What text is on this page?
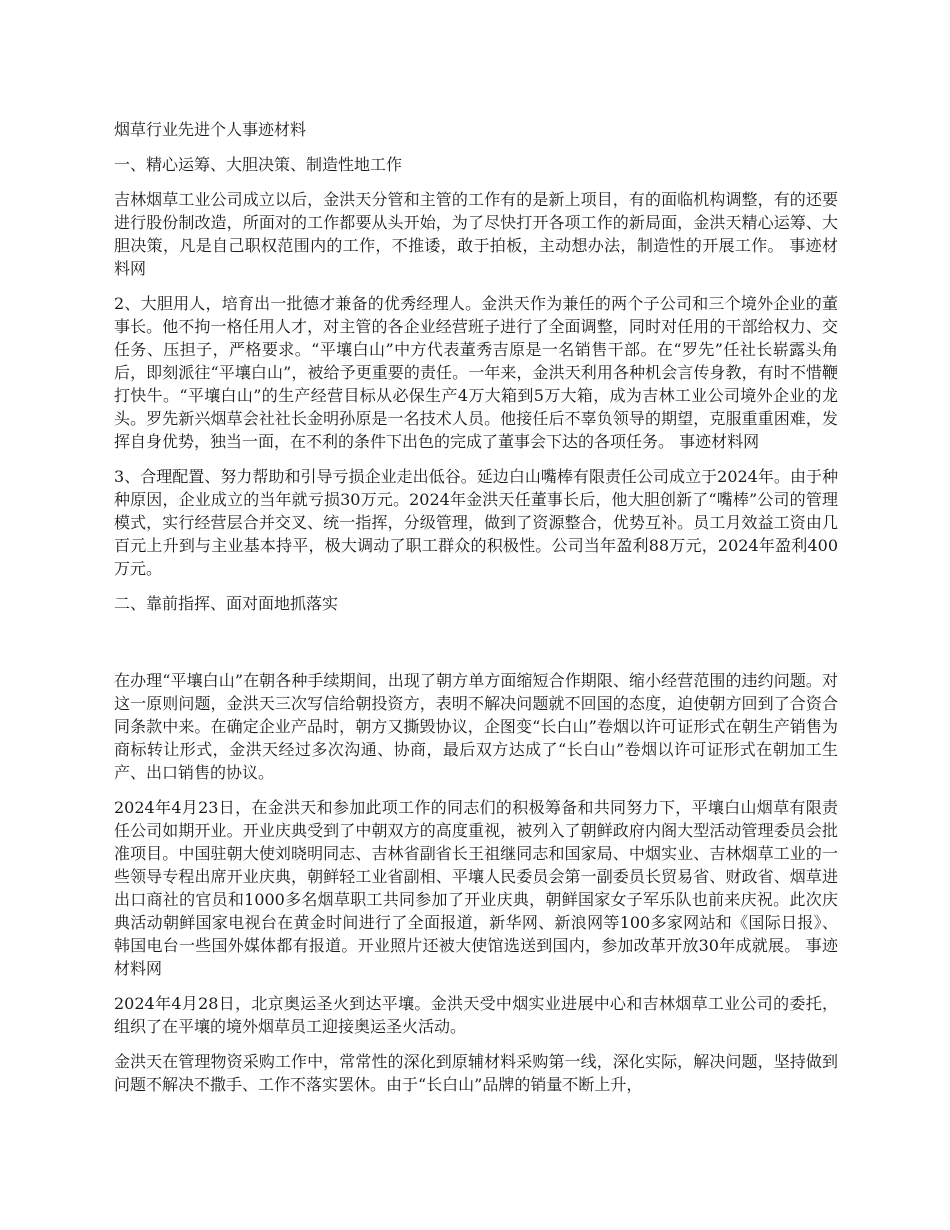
烟草行业先进个人事迹材料

一、精心运筹、大胆决策、制造性地工作

吉林烟草工业公司成立以后，金洪天分管和主管的工作有的是新上项目，有的面临机构调整，有的还要进行股份制改造，所面对的工作都要从头开始，为了尽快打开各项工作的新局面，金洪天精心运筹、大胆决策，凡是自己职权范围内的工作，不推诿，敢于拍板，主动想办法，制造性的开展工作。 事迹材料网

2、大胆用人，培育出一批德才兼备的优秀经理人。金洪天作为兼任的两个子公司和三个境外企业的董事长。他不拘一格任用人才，对主管的各企业经营班子进行了全面调整，同时对任用的干部给权力、交任务、压担子，严格要求。“平壤白山”中方代表董秀吉原是一名销售干部。在“罗先”任社长崭露头角后，即刻派往“平壤白山”，被给予更重要的责任。一年来，金洪天利用各种机会言传身教，有时不惜鞭打快牛。“平壤白山”的生产经营目标从必保生产4万大箱到5万大箱，成为吉林工业公司境外企业的龙头。罗先新兴烟草会社社长金明孙原是一名技术人员。他接任后不辜负领导的期望，克服重重困难，发挥自身优势，独当一面，在不利的条件下出色的完成了董事会下达的各项任务。 事迹材料网

3、合理配置、努力帮助和引导亏损企业走出低谷。延边白山嘴棒有限责任公司成立于2024年。由于种种原因，企业成立的当年就亏损30万元。2024年金洪天任董事长后，他大胆创新了“嘴棒”公司的管理模式，实行经营层合并交叉、统一指挥，分级管理，做到了资源整合，优势互补。员工月效益工资由几百元上升到与主业基本持平，极大调动了职工群众的积极性。公司当年盈利88万元，2024年盈利400万元。

二、靠前指挥、面对面地抓落实

在办理“平壤白山”在朝各种手续期间，出现了朝方单方面缩短合作期限、缩小经营范围的违约问题。对这一原则问题，金洪天三次写信给朝投资方，表明不解决问题就不回国的态度，迫使朝方回到了合资合同条款中来。在确定企业产品时，朝方又撕毁协议，企图变“长白山”卷烟以许可证形式在朝生产销售为商标转让形式，金洪天经过多次沟通、协商，最后双方达成了“长白山”卷烟以许可证形式在朝加工生产、出口销售的协议。

2024年4月23日，在金洪天和参加此项工作的同志们的积极筹备和共同努力下，平壤白山烟草有限责任公司如期开业。开业庆典受到了中朝双方的高度重视，被列入了朝鲜政府内阁大型活动管理委员会批准项目。中国驻朝大使刘晓明同志、吉林省副省长王祖继同志和国家局、中烟实业、吉林烟草工业的一些领导专程出席开业庆典，朝鲜轻工业省副相、平壤人民委员会第一副委员长贸易省、财政省、烟草进出口商社的官员和1000多名烟草职工共同参加了开业庆典，朝鲜国家女子军乐队也前来庆祝。此次庆典活动朝鲜国家电视台在黄金时间进行了全面报道，新华网、新浪网等100多家网站和《国际日报》、韩国电台一些国外媒体都有报道。开业照片还被大使馆选送到国内，参加改革开放30年成就展。 事迹材料网

2024年4月28日，北京奥运圣火到达平壤。金洪天受中烟实业进展中心和吉林烟草工业公司的委托，组织了在平壤的境外烟草员工迎接奥运圣火活动。

金洪天在管理物资采购工作中，常常性的深化到原辅材料采购第一线，深化实际，解决问题，坚持做到问题不解决不撒手、工作不落实罢休。由于“长白山”品牌的销量不断上升，
